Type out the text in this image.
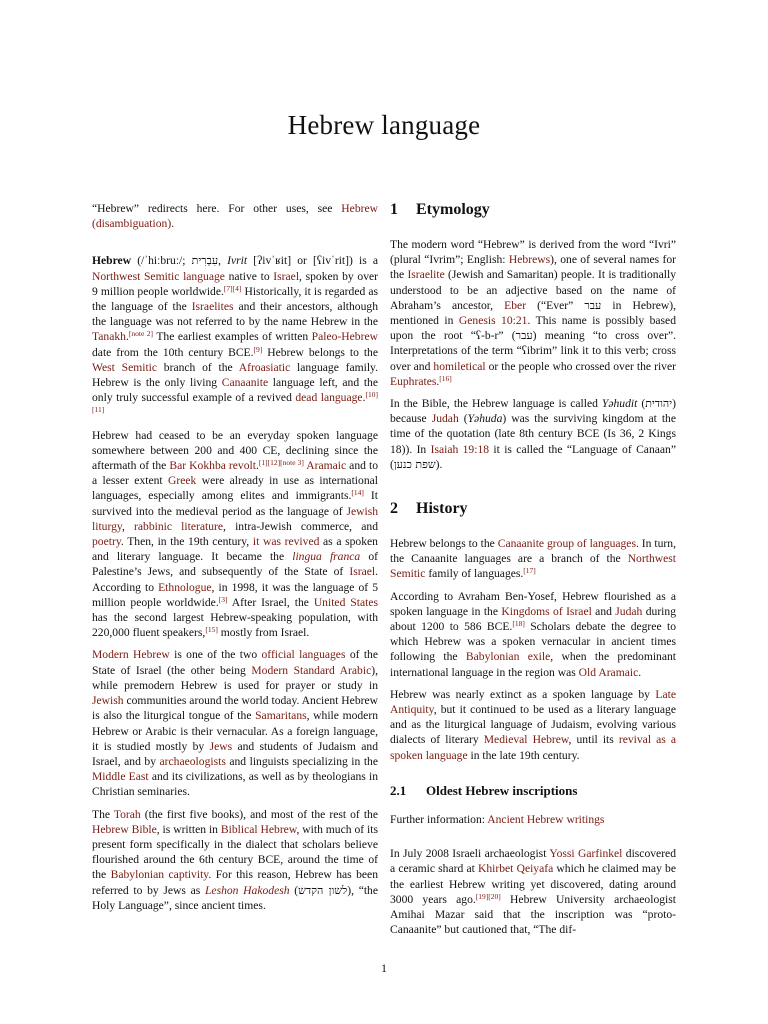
Hebrew language

“Hebrew” redirects here. For other uses, see Hebrew (disambiguation).

Hebrew (/ˈhiːbruː/; עִבְרִית, Ivrit [ʔivˈʁit] or [ʕivˈrit]) is a Northwest Semitic language native to Israel, spoken by over 9 million people worldwide.[7][4] Historically, it is regarded as the language of the Israelites and their ancestors, although the language was not referred to by the name Hebrew in the Tanakh.[note 2] The earliest examples of written Paleo-Hebrew date from the 10th century BCE.[9] Hebrew belongs to the West Semitic branch of the Afroasiatic language family. Hebrew is the only living Canaanite language left, and the only truly successful example of a revived dead language.[10][11]

Hebrew had ceased to be an everyday spoken language somewhere between 200 and 400 CE, declining since the aftermath of the Bar Kokhba revolt.[1][12][note 3] Aramaic and to a lesser extent Greek were already in use as international languages, especially among elites and immigrants.[14] It survived into the medieval period as the language of Jewish liturgy, rabbinic literature, intra-Jewish commerce, and poetry. Then, in the 19th century, it was revived as a spoken and literary language. It became the lingua franca of Palestine’s Jews, and subsequently of the State of Israel. According to Ethnologue, in 1998, it was the language of 5 million people worldwide.[3] After Israel, the United States has the second largest Hebrew-speaking population, with 220,000 fluent speakers,[15] mostly from Israel.

Modern Hebrew is one of the two official languages of the State of Israel (the other being Modern Standard Arabic), while premodern Hebrew is used for prayer or study in Jewish communities around the world today. Ancient Hebrew is also the liturgical tongue of the Samaritans, while modern Hebrew or Arabic is their vernacular. As a foreign language, it is studied mostly by Jews and students of Judaism and Israel, and by archaeologists and linguists specializing in the Middle East and its civilizations, as well as by theologians in Christian seminaries.

The Torah (the first five books), and most of the rest of the Hebrew Bible, is written in Biblical Hebrew, with much of its present form specifically in the dialect that scholars believe flourished around the 6th century BCE, around the time of the Babylonian captivity. For this reason, Hebrew has been referred to by Jews as Leshon Hakodesh (לשון הקדש), “the Holy Language”, since ancient times.

1 Etymology

The modern word “Hebrew” is derived from the word “Ivri” (plural “Ivrim”; English: Hebrews), one of several names for the Israelite (Jewish and Samaritan) people. It is traditionally understood to be an adjective based on the name of Abraham’s ancestor, Eber (“Ever” עבר in Hebrew), mentioned in Genesis 10:21. This name is possibly based upon the root “ʕ-b-r” (עבר) meaning “to cross over”. Interpretations of the term “ʕibrim” link it to this verb; cross over and homiletical or the people who crossed over the river Euphrates.[16]

In the Bible, the Hebrew language is called Yəhudit (יהודית) because Judah (Yəhuda) was the surviving kingdom at the time of the quotation (late 8th century BCE (Is 36, 2 Kings 18)). In Isaiah 19:18 it is called the “Language of Canaan” (שפת כנען).

2 History

Hebrew belongs to the Canaanite group of languages. In turn, the Canaanite languages are a branch of the Northwest Semitic family of languages.[17]

According to Avraham Ben-Yosef, Hebrew flourished as a spoken language in the Kingdoms of Israel and Judah during about 1200 to 586 BCE.[18] Scholars debate the degree to which Hebrew was a spoken vernacular in ancient times following the Babylonian exile, when the predominant international language in the region was Old Aramaic.

Hebrew was nearly extinct as a spoken language by Late Antiquity, but it continued to be used as a literary language and as the liturgical language of Judaism, evolving various dialects of literary Medieval Hebrew, until its revival as a spoken language in the late 19th century.

2.1 Oldest Hebrew inscriptions

Further information: Ancient Hebrew writings

In July 2008 Israeli archaeologist Yossi Garfinkel discovered a ceramic shard at Khirbet Qeiyafa which he claimed may be the earliest Hebrew writing yet discovered, dating around 3000 years ago.[19][20] Hebrew University archaeologist Amihai Mazar said that the inscription was “proto-Canaanite” but cautioned that, “The dif-

1
